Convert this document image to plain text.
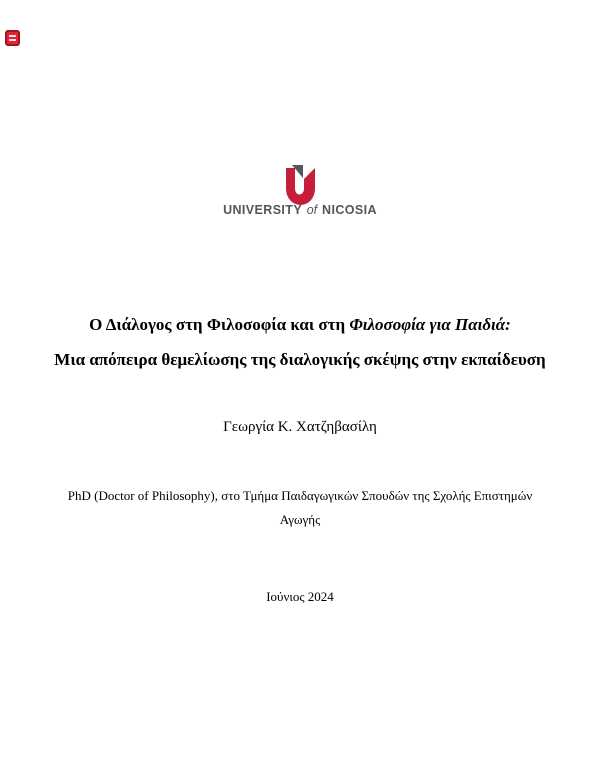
UNIVERSITY of NICOSIA
Ο Διάλογος στη Φιλοσοφία και στη Φιλοσοφία για Παιδιά:
Μια απόπειρα θεμελίωσης της διαλογικής σκέψης στην εκπαίδευση
Γεωργία Κ. Χατζηβασίλη
PhD (Doctor of Philosophy), στο Τμήμα Παιδαγωγικών Σπουδών της Σχολής Επιστημών
Αγωγής
Ιούνιος 2024
